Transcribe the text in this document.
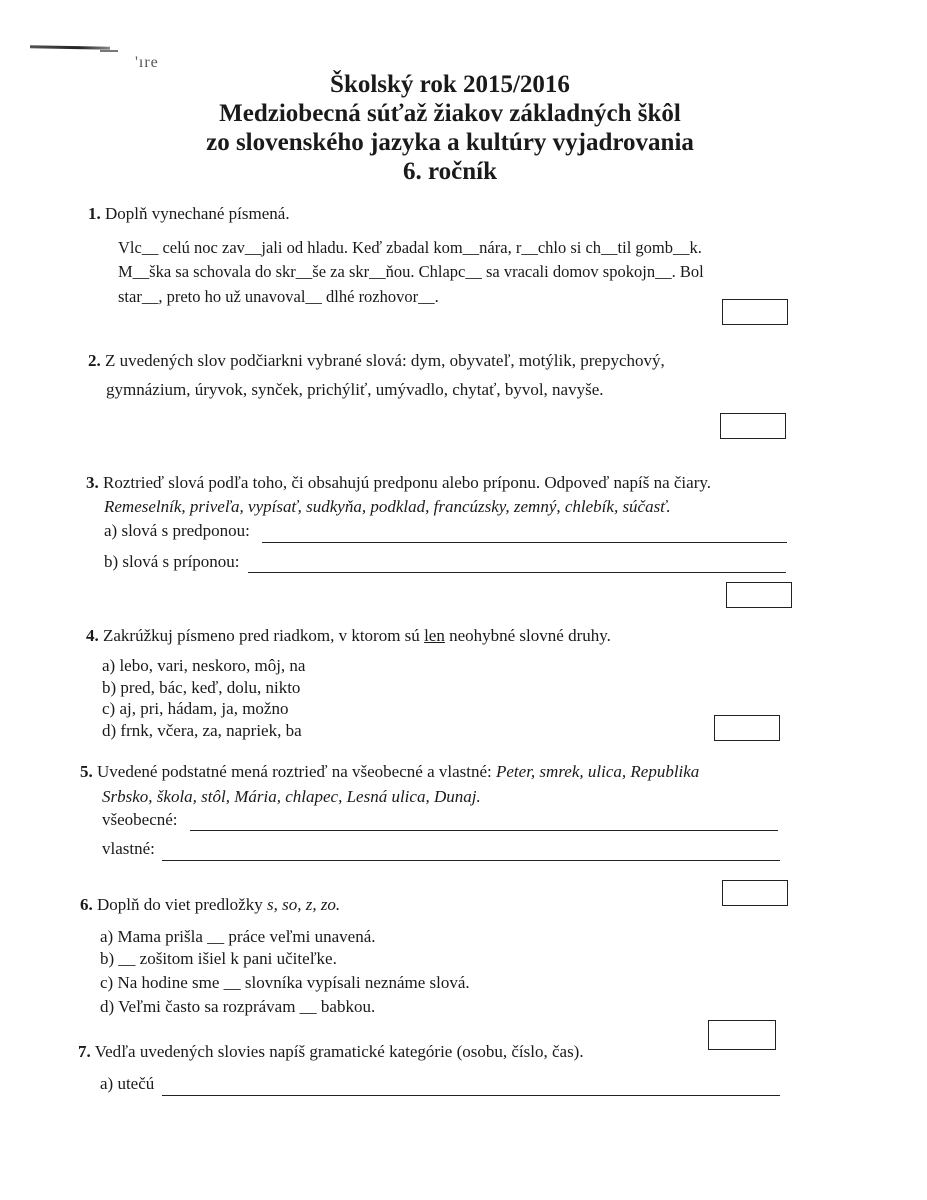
'ıre
Školský rok 2015/2016
Medziobecná súťaž žiakov základných škôl
zo slovenského jazyka a kultúry vyjadrovania
6. ročník
1. Doplň vynechané písmená.
Vlc__ celú noc zav__jali od hladu. Keď zbadal kom__nára, r__chlo si ch__til gomb__k.
M__ška sa schovala do skr__še za skr__ňou. Chlapc__ sa vracali domov spokojn__. Bol
star__, preto ho už unavoval__ dlhé rozhovor__.
2. Z uvedených slov podčiarkni vybrané slová: dym, obyvateľ, motýlik, prepychový,
gymnázium, úryvok, synček, prichýliť, umývadlo, chytať, byvol, navyše.
3. Roztrieď slová podľa toho, či obsahujú predponu alebo príponu. Odpoveď napíš na čiary.
Remeselník, priveľa, vypísať, sudkyňa, podklad, francúzsky, zemný, chlebík, súčasť.
a) slová s predponou:
b) slová s príponou:
4. Zakrúžkuj písmeno pred riadkom, v ktorom sú len neohybné slovné druhy.
a) lebo, vari, neskoro, môj, na
b) pred, bác, keď, dolu, nikto
c) aj, pri, hádam, ja, možno
d) frnk, včera, za, napriek, ba
5. Uvedené podstatné mená roztrieď na všeobecné a vlastné: Peter, smrek, ulica, Republika
Srbsko, škola, stôl, Mária, chlapec, Lesná ulica, Dunaj.
všeobecné:
vlastné:
6. Doplň do viet predložky s, so, z, zo.
a) Mama prišla __ práce veľmi unavená.
b) __ zošitom išiel k pani učiteľke.
c) Na hodine sme __ slovníka vypísali neznáme slová.
d) Veľmi často sa rozprávam __ babkou.
7. Vedľa uvedených slovies napíš gramatické kategórie (osobu, číslo, čas).
a) utečú
